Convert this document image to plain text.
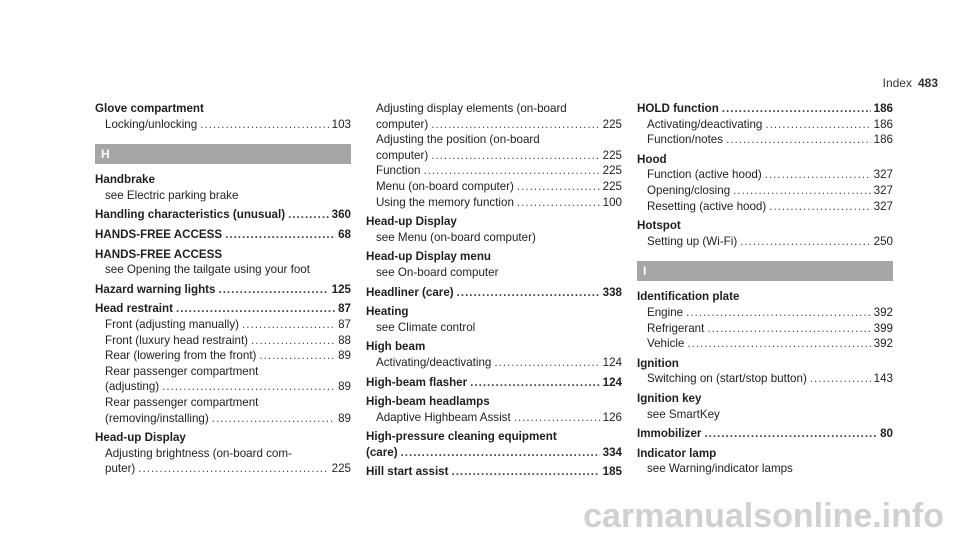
Index 483
Glove compartment
Locking/unlocking .....	103
H
Handbrake
see Electric parking brake
Handling characteristics (unusual) .....	360
HANDS-FREE ACCESS .....	68
HANDS-FREE ACCESS
see Opening the tailgate using your foot
Hazard warning lights .....	125
Head restraint .....	87
Front (adjusting manually) .....	87
Front (luxury head restraint) .....	88
Rear (lowering from the front) .....	89
Rear passenger compartment
(adjusting) .....	89
Rear passenger compartment
(removing/installing) .....	89
Head-up Display
Adjusting brightness (on-board com-
puter) .....	225
Adjusting display elements (on-board
computer) .....	225
Adjusting the position (on-board
computer) .....	225
Function .....	225
Menu (on-board computer) .....	225
Using the memory function .....	100
Head-up Display
see Menu (on-board computer)
Head-up Display menu
see On-board computer
Headliner (care) .....	338
Heating
see Climate control
High beam
Activating/deactivating .....	124
High-beam flasher .....	124
High-beam headlamps
Adaptive Highbeam Assist .....	126
High-pressure cleaning equipment
(care) .....	334
Hill start assist .....	185
HOLD function .....	186
Activating/deactivating .....	186
Function/notes .....	186
Hood
Function (active hood) .....	327
Opening/closing .....	327
Resetting (active hood) .....	327
Hotspot
Setting up (Wi-Fi) .....	250
I
Identification plate
Engine .....	392
Refrigerant .....	399
Vehicle .....	392
Ignition
Switching on (start/stop button) .....	143
Ignition key
see SmartKey
Immobilizer .....	80
Indicator lamp
see Warning/indicator lamps
carmanualsonline.info
